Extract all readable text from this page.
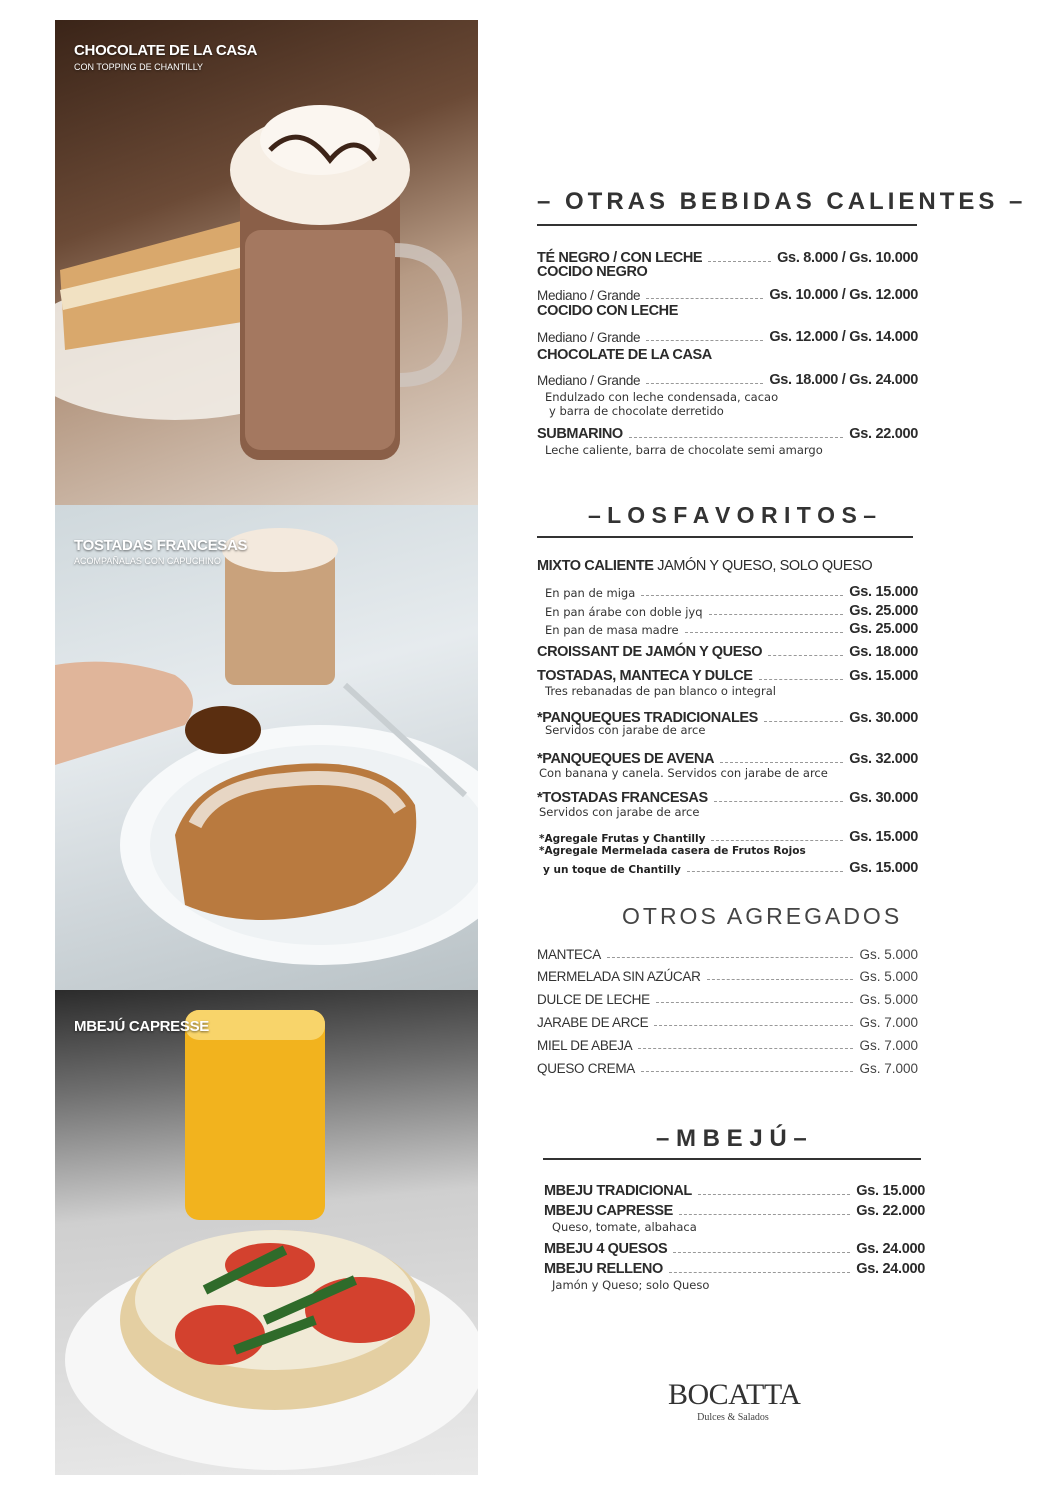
CHOCOLATE DE LA CASA
CON TOPPING DE CHANTILLY
TOSTADAS FRANCESAS
ACOMPAÑALAS CON CAPUCHINO
MBEJÚ CAPRESSE
– OTRAS BEBIDAS CALIENTES –
TÉ NEGRO / CON LECHE	Gs. 8.000 / Gs. 10.000
COCIDO NEGRO
Mediano / Grande	Gs. 10.000 / Gs. 12.000
COCIDO CON LECHE
Mediano / Grande	Gs. 12.000 / Gs. 14.000
CHOCOLATE DE LA CASA
Mediano / Grande	Gs. 18.000 / Gs. 24.000
Endulzado con leche condensada, cacao
y barra de chocolate derretido
SUBMARINO	Gs. 22.000
Leche caliente, barra de chocolate semi amargo
– L O S F A V O R I T O S –
MIXTO CALIENTE JAMÓN Y QUESO, SOLO QUESO
En pan de miga	Gs. 15.000
En pan árabe con doble jyq	Gs. 25.000
En pan de masa madre	Gs. 25.000
CROISSANT DE JAMÓN Y QUESO	Gs. 18.000
TOSTADAS, MANTECA Y DULCE	Gs. 15.000
Tres rebanadas de pan blanco o integral
*PANQUEQUES TRADICIONALES	Gs. 30.000
Servidos con jarabe de arce
*PANQUEQUES DE AVENA	Gs. 32.000
Con banana y canela. Servidos con jarabe de arce
*TOSTADAS FRANCESAS	Gs. 30.000
Servidos con jarabe de arce
*Agregale Frutas y Chantilly	Gs. 15.000
*Agregale Mermelada casera de Frutos Rojos
y un toque de Chantilly	Gs. 15.000
OTROS AGREGADOS
MANTECA	Gs. 5.000
MERMELADA SIN AZÚCAR	Gs. 5.000
DULCE DE LECHE	Gs. 5.000
JARABE DE ARCE	Gs. 7.000
MIEL DE ABEJA	Gs. 7.000
QUESO CREMA	Gs. 7.000
– M B E J Ú –
MBEJU TRADICIONAL	Gs. 15.000
MBEJU CAPRESSE	Gs. 22.000
Queso, tomate, albahaca
MBEJU 4 QUESOS	Gs. 24.000
MBEJU RELLENO	Gs. 24.000
Jamón y Queso; solo Queso
BOCATTA
Dulces & Salados
